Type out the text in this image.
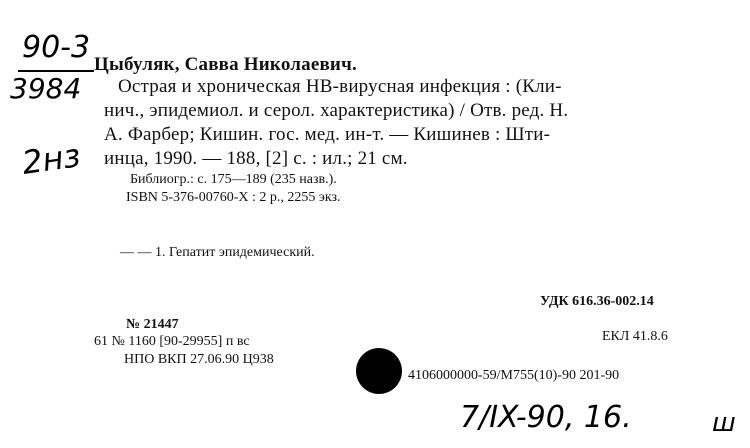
90-3
3984
2нз
Цыбуляк, Савва Николаевич.
Острая и хроническая НВ-вирусная инфекция : (Кли-
нич., эпидемиол. и серол. характеристика) / Отв. ред. Н.
А. Фарбер; Кишин. гос. мед. ин-т. — Кишинев : Шти-
инца, 1990. — 188, [2] с. : ил.; 21 см.
Библиогр.: с. 175—189 (235 назв.).
ISBN 5-376-00760-X : 2 р., 2255 экз.
— — 1. Гепатит эпидемический.
УДК 616.36-002.14
ЕКЛ 41.8.6
№ 21447
61 № 1160 [90-29955] п вс
НПО ВКП 27.06.90 Ц938
4106000000-59/М755(10)-90 201-90
7/IX-90, 16.	ш
